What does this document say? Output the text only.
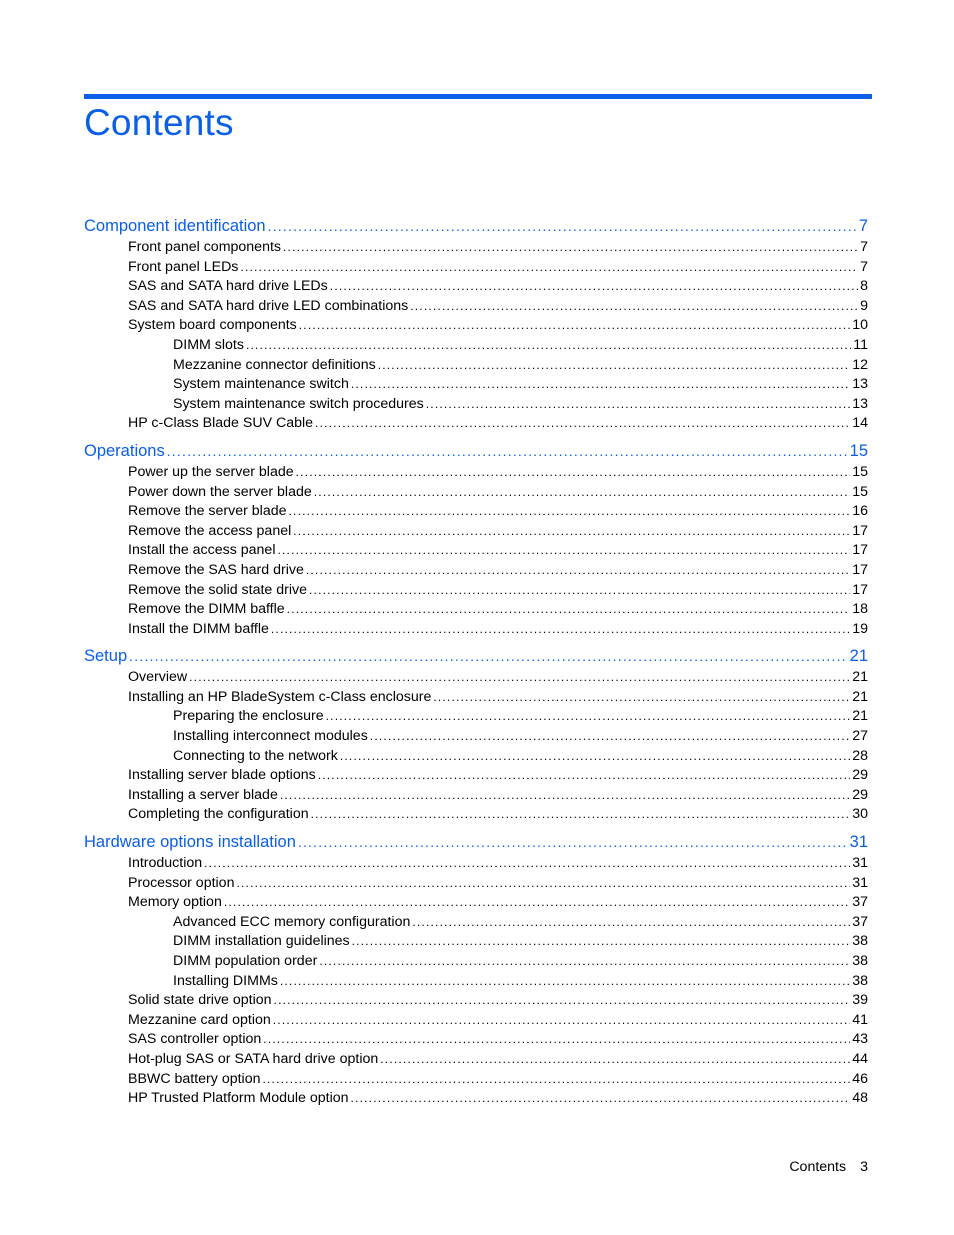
Contents
Component identification .....	7
Front panel components .....	7
Front panel LEDs .....	7
SAS and SATA hard drive LEDs .....	8
SAS and SATA hard drive LED combinations .....	9
System board components .....	10
DIMM slots .....	11
Mezzanine connector definitions .....	12
System maintenance switch .....	13
System maintenance switch procedures .....	13
HP c-Class Blade SUV Cable .....	14
Operations .....	15
Power up the server blade .....	15
Power down the server blade .....	15
Remove the server blade .....	16
Remove the access panel .....	17
Install the access panel .....	17
Remove the SAS hard drive .....	17
Remove the solid state drive .....	17
Remove the DIMM baffle .....	18
Install the DIMM baffle .....	19
Setup .....	21
Overview .....	21
Installing an HP BladeSystem c-Class enclosure .....	21
Preparing the enclosure .....	21
Installing interconnect modules .....	27
Connecting to the network .....	28
Installing server blade options .....	29
Installing a server blade .....	29
Completing the configuration .....	30
Hardware options installation .....	31
Introduction .....	31
Processor option .....	31
Memory option .....	37
Advanced ECC memory configuration .....	37
DIMM installation guidelines .....	38
DIMM population order .....	38
Installing DIMMs .....	38
Solid state drive option .....	39
Mezzanine card option .....	41
SAS controller option .....	43
Hot-plug SAS or SATA hard drive option .....	44
BBWC battery option .....	46
HP Trusted Platform Module option .....	48
Contents 3
